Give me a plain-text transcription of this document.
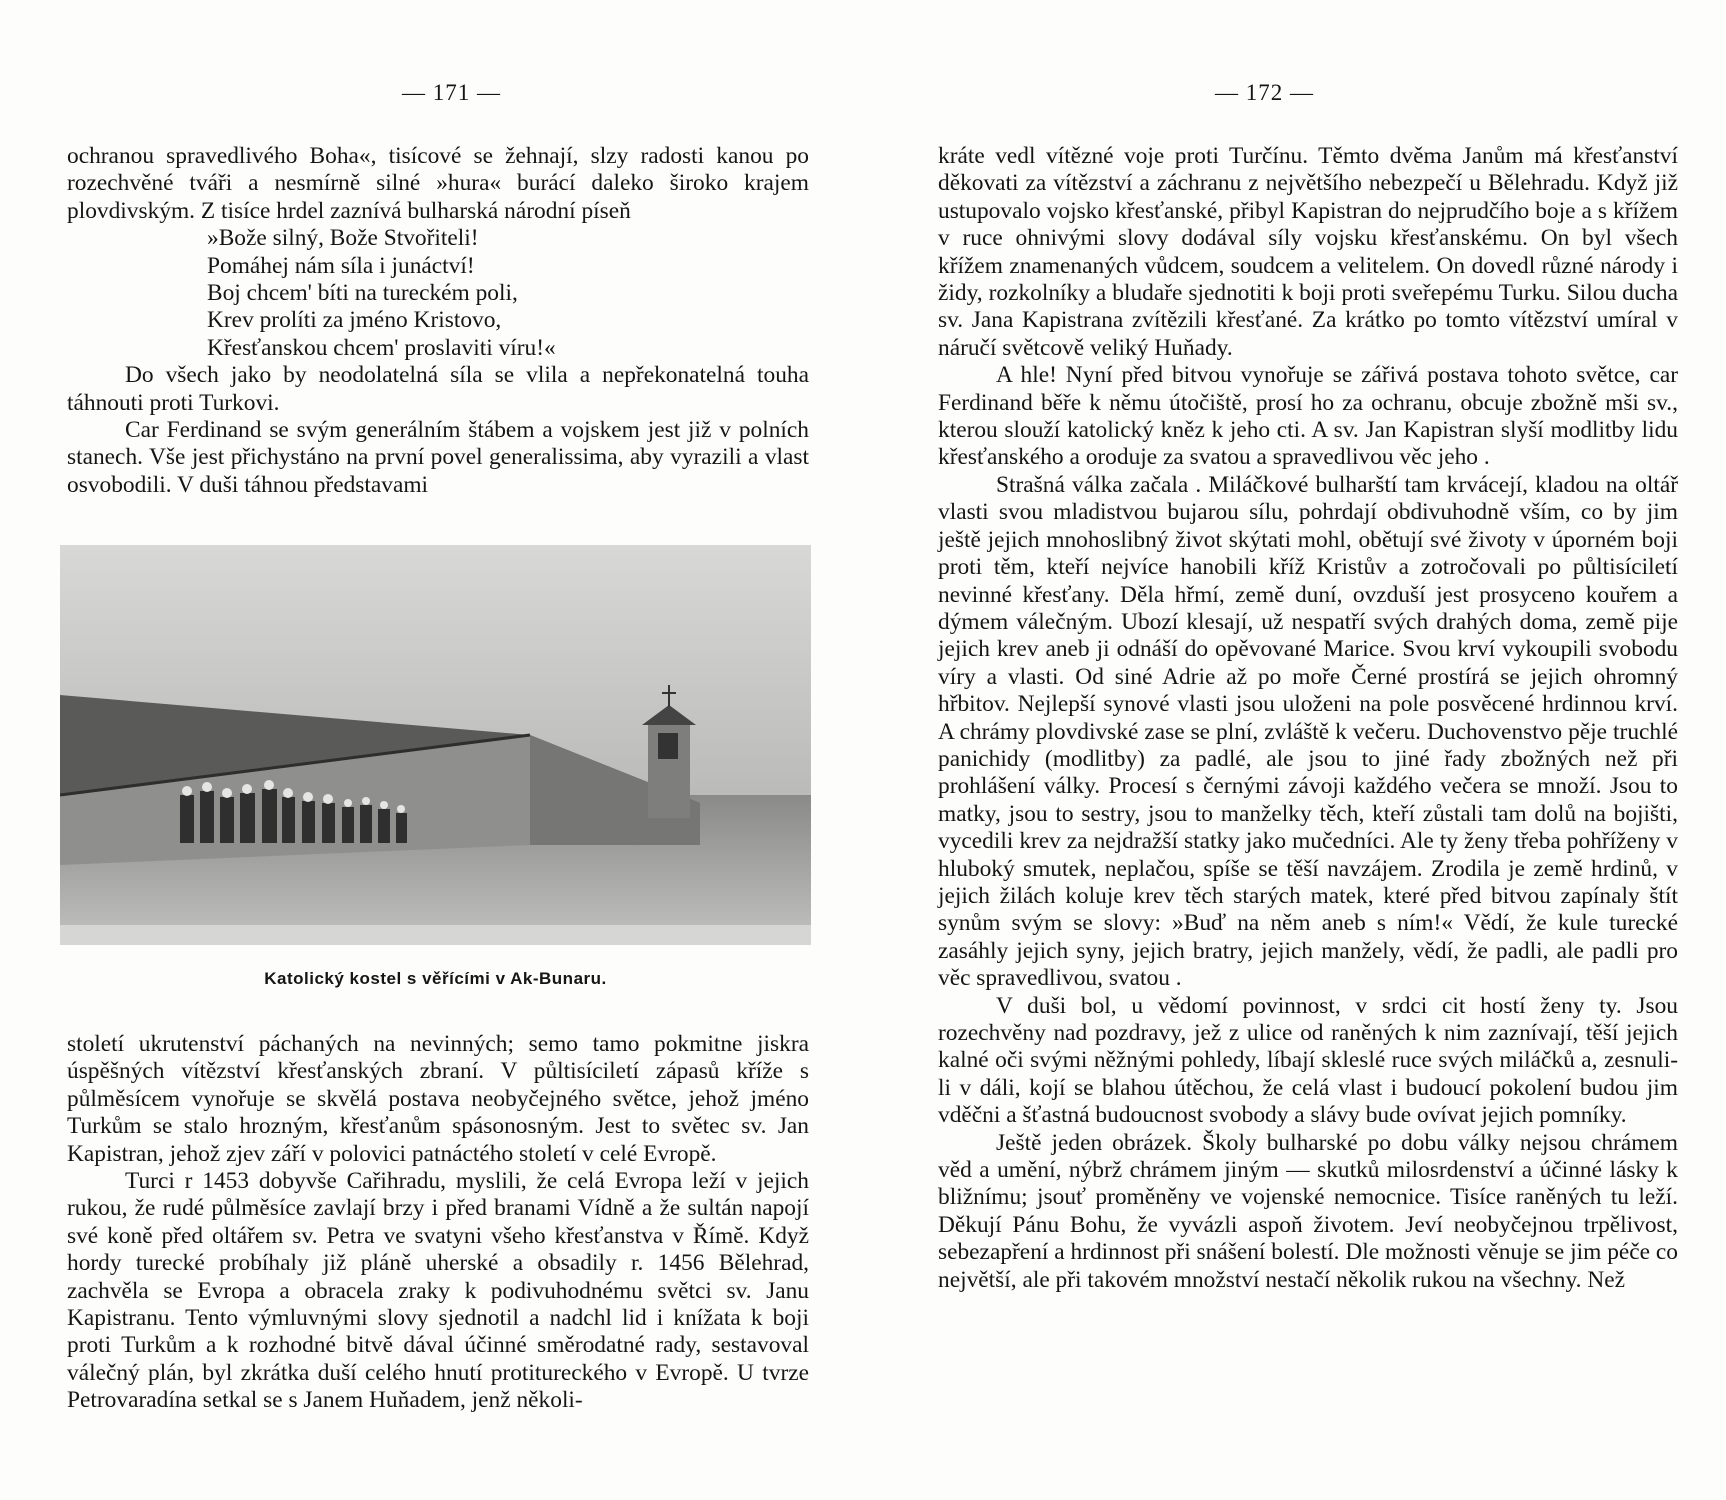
— 171 —

ochranou spravedlivého Boha«, tisícové se žehnají, slzy radosti kanou po rozechvěné tváři a nesmírně silné »hura« burácí daleko široko krajem plovdivským. Z tisíce hrdel zaznívá bulharská národní píseň

»Bože silný, Bože Stvořiteli!
Pomáhej nám síla i junáctví!
Boj chcem' bíti na tureckém poli,
Krev prolíti za jméno Kristovo,
Křesťanskou chcem' proslaviti víru!«

Do všech jako by neodolatelná síla se vlila a nepřekonatelná touha táhnouti proti Turkovi.

Car Ferdinand se svým generálním štábem a vojskem jest již v polních stanech. Vše jest přichystáno na první povel generalissima, aby vyrazili a vlast osvobodili. V duši táhnou představami

Katolický kostel s věřícími v Ak-Bunaru.

století ukrutenství páchaných na nevinných; semo tamo pokmitne jiskra úspěšných vítězství křesťanských zbraní. V půltisíciletí zápasů kříže s půlměsícem vynořuje se skvělá postava neobyčejného světce, jehož jméno Turkům se stalo hrozným, křesťanům spásonosným. Jest to světec sv. Jan Kapistran, jehož zjev září v polovici patnáctého století v celé Evropě.

Turci r 1453 dobyvše Cařihradu, myslili, že celá Evropa leží v jejich rukou, že rudé půlměsíce zavlají brzy i před branami Vídně a že sultán napojí své koně před oltářem sv. Petra ve svatyni všeho křesťanstva v Římě. Když hordy turecké probíhaly již pláně uherské a obsadily r. 1456 Bělehrad, zachvěla se Evropa a obracela zraky k podivuhodnému světci sv. Janu Kapistranu. Tento výmluvnými slovy sjednotil a nadchl lid i knížata k boji proti Turkům a k rozhodné bitvě dával účinné směrodatné rady, sestavoval válečný plán, byl zkrátka duší celého hnutí protitureckého v Evropě. U tvrze Petrovaradína setkal se s Janem Huňadem, jenž několi-

— 172 —

kráte vedl vítězné voje proti Turčínu. Těmto dvěma Janům má křesťanství děkovati za vítězství a záchranu z největšího nebezpečí u Bělehradu. Když již ustupovalo vojsko křesťanské, přibyl Kapistran do nejprudčího boje a s křížem v ruce ohnivými slovy dodával síly vojsku křesťanskému. On byl všech křížem znamenaných vůdcem, soudcem a velitelem. On dovedl různé národy i židy, rozkolníky a bludaře sjednotiti k boji proti sveřepému Turku. Silou ducha sv. Jana Kapistrana zvítězili křesťané. Za krátko po tomto vítězství umíral v náručí světcově veliký Huňady.

A hle! Nyní před bitvou vynořuje se zářivá postava tohoto světce, car Ferdinand běře k němu útočiště, prosí ho za ochranu, obcuje zbožně mši sv., kterou slouží katolický kněz k jeho cti. A sv. Jan Kapistran slyší modlitby lidu křesťanského a oroduje za svatou a spravedlivou věc jeho .

Strašná válka začala . Miláčkové bulharští tam krvácejí, kladou na oltář vlasti svou mladistvou bujarou sílu, pohrdají obdivuhodně vším, co by jim ještě jejich mnohoslibný život skýtati mohl, obětují své životy v úporném boji proti těm, kteří nejvíce hanobili kříž Kristův a zotročovali po půltisíciletí nevinné křesťany. Děla hřmí, země duní, ovzduší jest prosyceno kouřem a dýmem válečným. Ubozí klesají, už nespatří svých drahých doma, země pije jejich krev aneb ji odnáší do opěvované Marice. Svou krví vykoupili svobodu víry a vlasti. Od siné Adrie až po moře Černé prostírá se jejich ohromný hřbitov. Nejlepší synové vlasti jsou uloženi na pole posvěcené hrdinnou krví. A chrámy plovdivské zase se plní, zvláště k večeru. Duchovenstvo pěje truchlé panichidy (modlitby) za padlé, ale jsou to jiné řady zbožných než při prohlášení války. Procesí s černými závoji každého večera se množí. Jsou to matky, jsou to sestry, jsou to manželky těch, kteří zůstali tam dolů na bojišti, vycedili krev za nejdražší statky jako mučedníci. Ale ty ženy třeba pohříženy v hluboký smutek, neplačou, spíše se těší navzájem. Zrodila je země hrdinů, v jejich žilách koluje krev těch starých matek, které před bitvou zapínaly štít synům svým se slovy: »Buď na něm aneb s ním!« Vědí, že kule turecké zasáhly jejich syny, jejich bratry, jejich manžely, vědí, že padli, ale padli pro věc spravedlivou, svatou .

V duši bol, u vědomí povinnost, v srdci cit hostí ženy ty. Jsou rozechvěny nad pozdravy, jež z ulice od raněných k nim zaznívají, těší jejich kalné oči svými něžnými pohledy, líbají skleslé ruce svých miláčků a, zesnuli-li v dáli, kojí se blahou útěchou, že celá vlast i budoucí pokolení budou jim vděčni a šťastná budoucnost svobody a slávy bude ovívat jejich pomníky.

Ještě jeden obrázek. Školy bulharské po dobu války nejsou chrámem věd a umění, nýbrž chrámem jiným — skutků milosrdenství a účinné lásky k bližnímu; jsouť proměněny ve vojenské nemocnice. Tisíce raněných tu leží. Děkují Pánu Bohu, že vyvázli aspoň životem. Jeví neobyčejnou trpělivost, sebezapření a hrdinnost při snášení bolestí. Dle možnosti věnuje se jim péče co největší, ale při takovém množství nestačí několik rukou na všechny. Než
